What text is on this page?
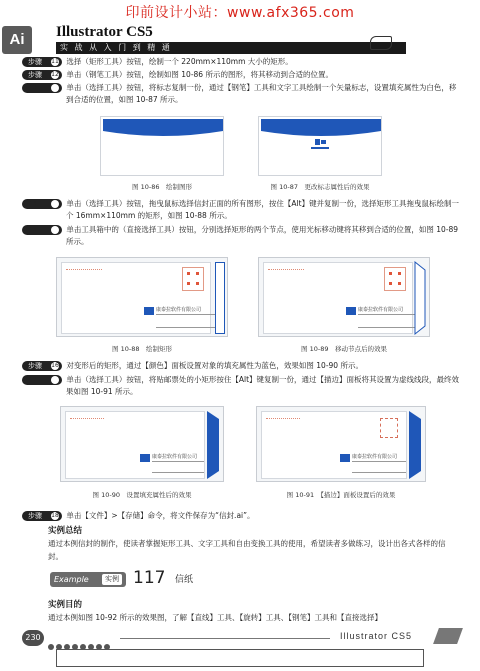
印前设计小站：www.afx365.com
Ai	Illustrator CS5
实 战 从 入 门 到 精 通
步骤 11 选择（矩形工具）按钮，绘制一个 220mm×110mm 大小的矩形。
步骤 12 单击（钢笔工具）按钮，绘制如图 10-86 所示的图形，将其移动到合适的位置。
13	单击（选择工具）按钮，将标志复制一份，通过【钢笔】工具和文字工具绘制一个矢量标志，设置填充属性为白色，移到合适的位置，如图 10-87 所示。
图 10-86　绘制图形	图 10-87　更改标志属性后的效果
14	单击（选择工具）按钮，拖曳鼠标选择信封正面的所有图形，按住【Alt】键并复制一份，选择矩形工具拖曳鼠标绘制一个 16mm×110mm 的矩形，如图 10-88 所示。
15	单击工具箱中的（直接选择工具）按钮，分别选择矩形的两个节点，使用光标移动键将其移到合适的位置，如图 10-89 所示。
康泰拉软件有限公司
图 10-88　绘制矩形
康泰拉软件有限公司
图 10-89　移动节点后的效果
步骤 16 对变形后的矩形，通过【颜色】面板设置对象的填充属性为蓝色，效果如图 10-90 所示。
17	单击（选择工具）按钮，将贴邮票处的小矩形按住【Alt】键复制一份，通过【描边】面板将其设置为虚线线段，最终效果如图 10-91 所示。
康泰拉软件有限公司
图 10-90　设置填充属性后的效果
康泰拉软件有限公司
图 10-91　【描边】面板设置后的效果
步骤 18 单击【文件】>【存储】命令，将文件保存为“信封.ai”。
实例总结
通过本例信封的制作，使读者掌握矩形工具、文字工具和自由变换工具的使用，希望读者多做练习，设计出各式各样的信封。
Example	实例 117 信纸
实例目的
通过本例如图 10-92 所示的效果图，了解【直线】工具、【旋转】工具、【钢笔】工具和【直接选择】
230	Illustrator CS5
